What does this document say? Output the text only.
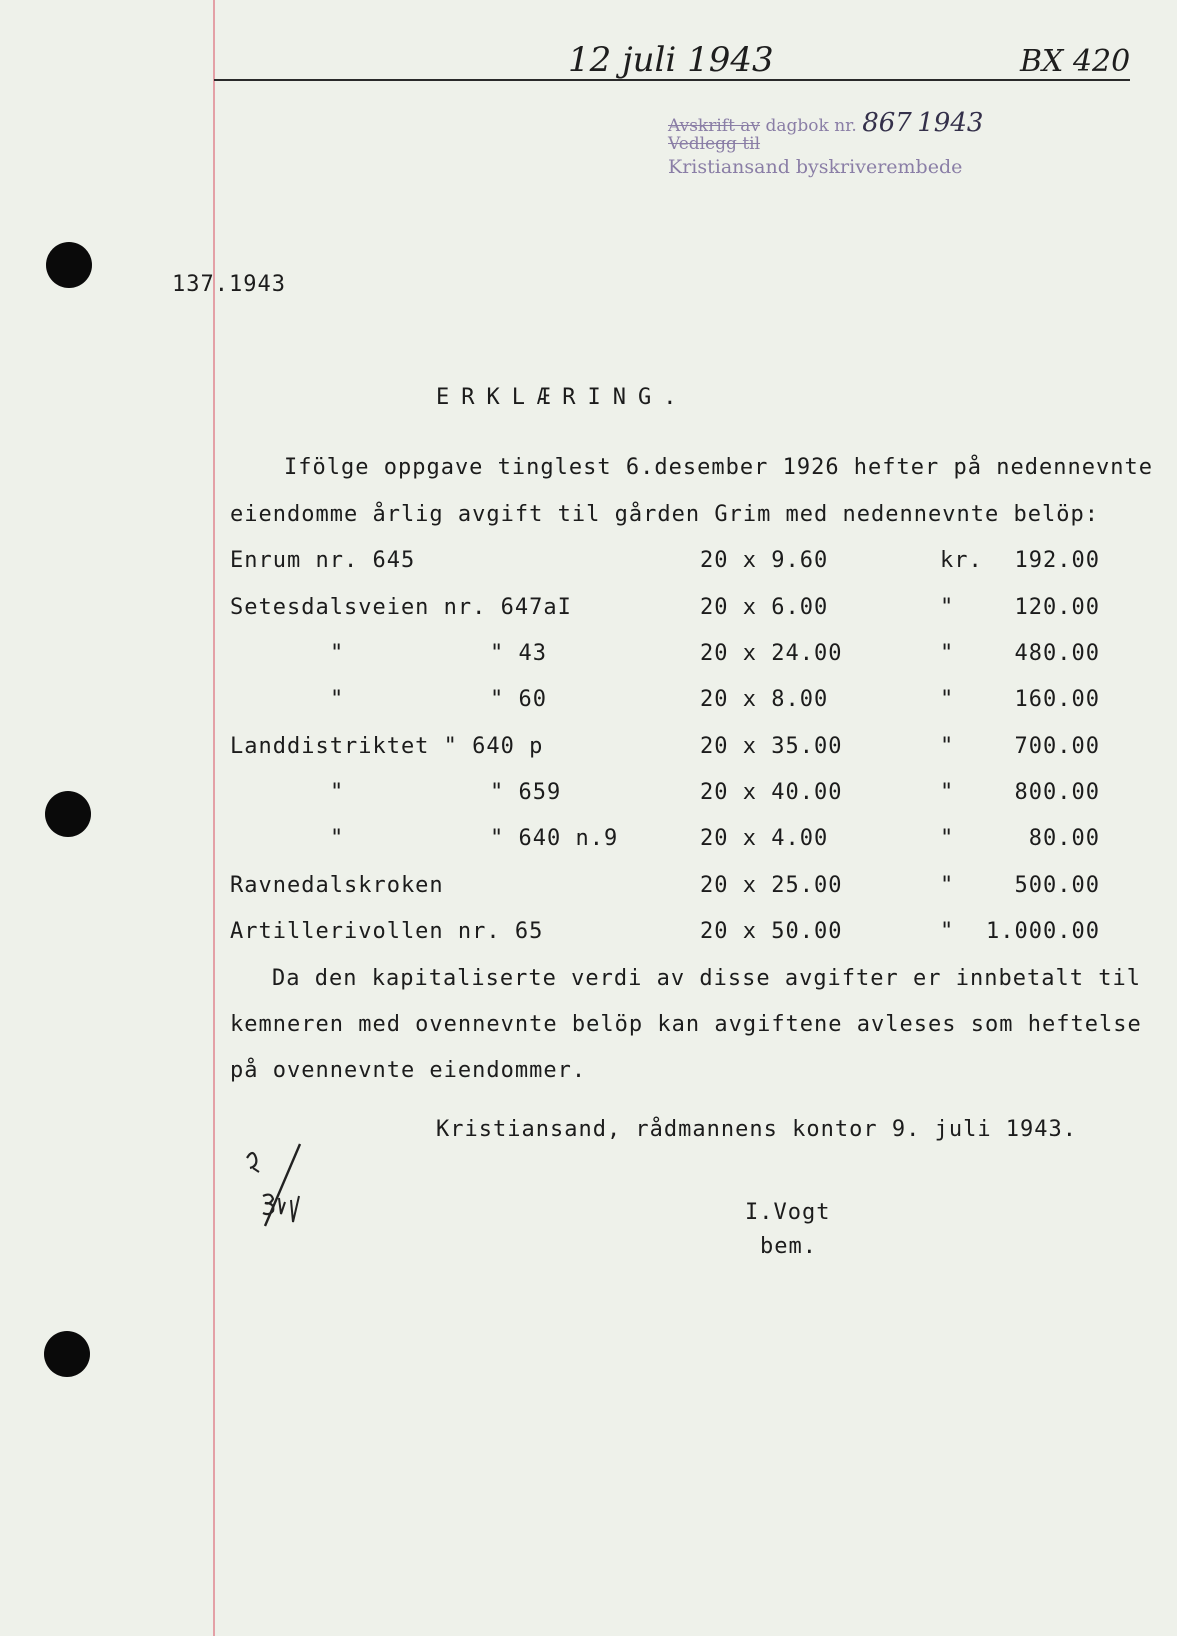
12 juli 1943	BX 420
Avskrift av dagbok nr. 867 1943
Vedlegg til
Kristiansand byskriverembede
137.1943
ERKLÆRING.
Ifölge oppgave tinglest 6.desember 1926 hefter på nedennevnte
eiendomme årlig avgift til gården Grim med nedennevnte belöp:
Enrum nr. 645	20 x 9.60	kr. 192.00
Setesdalsveien nr. 647aI	20 x 6.00	"	120.00
"	" 43	20 x 24.00	"	480.00
"	" 60	20 x 8.00	"	160.00
Landdistriktet " 640 p	20 x 35.00	"	700.00
"	" 659	20 x 40.00	"	800.00
"	" 640 n.9	20 x 4.00	"	80.00
Ravnedalskroken	20 x 25.00	"	500.00
Artillerivollen nr. 65	20 x 50.00	" 1.000.00
Da den kapitaliserte verdi av disse avgifter er innbetalt til
kemneren med ovennevnte belöp kan avgiftene avleses som heftelse
på ovennevnte eiendommer.
Kristiansand, rådmannens kontor 9. juli 1943.
I.Vogt
bem.
